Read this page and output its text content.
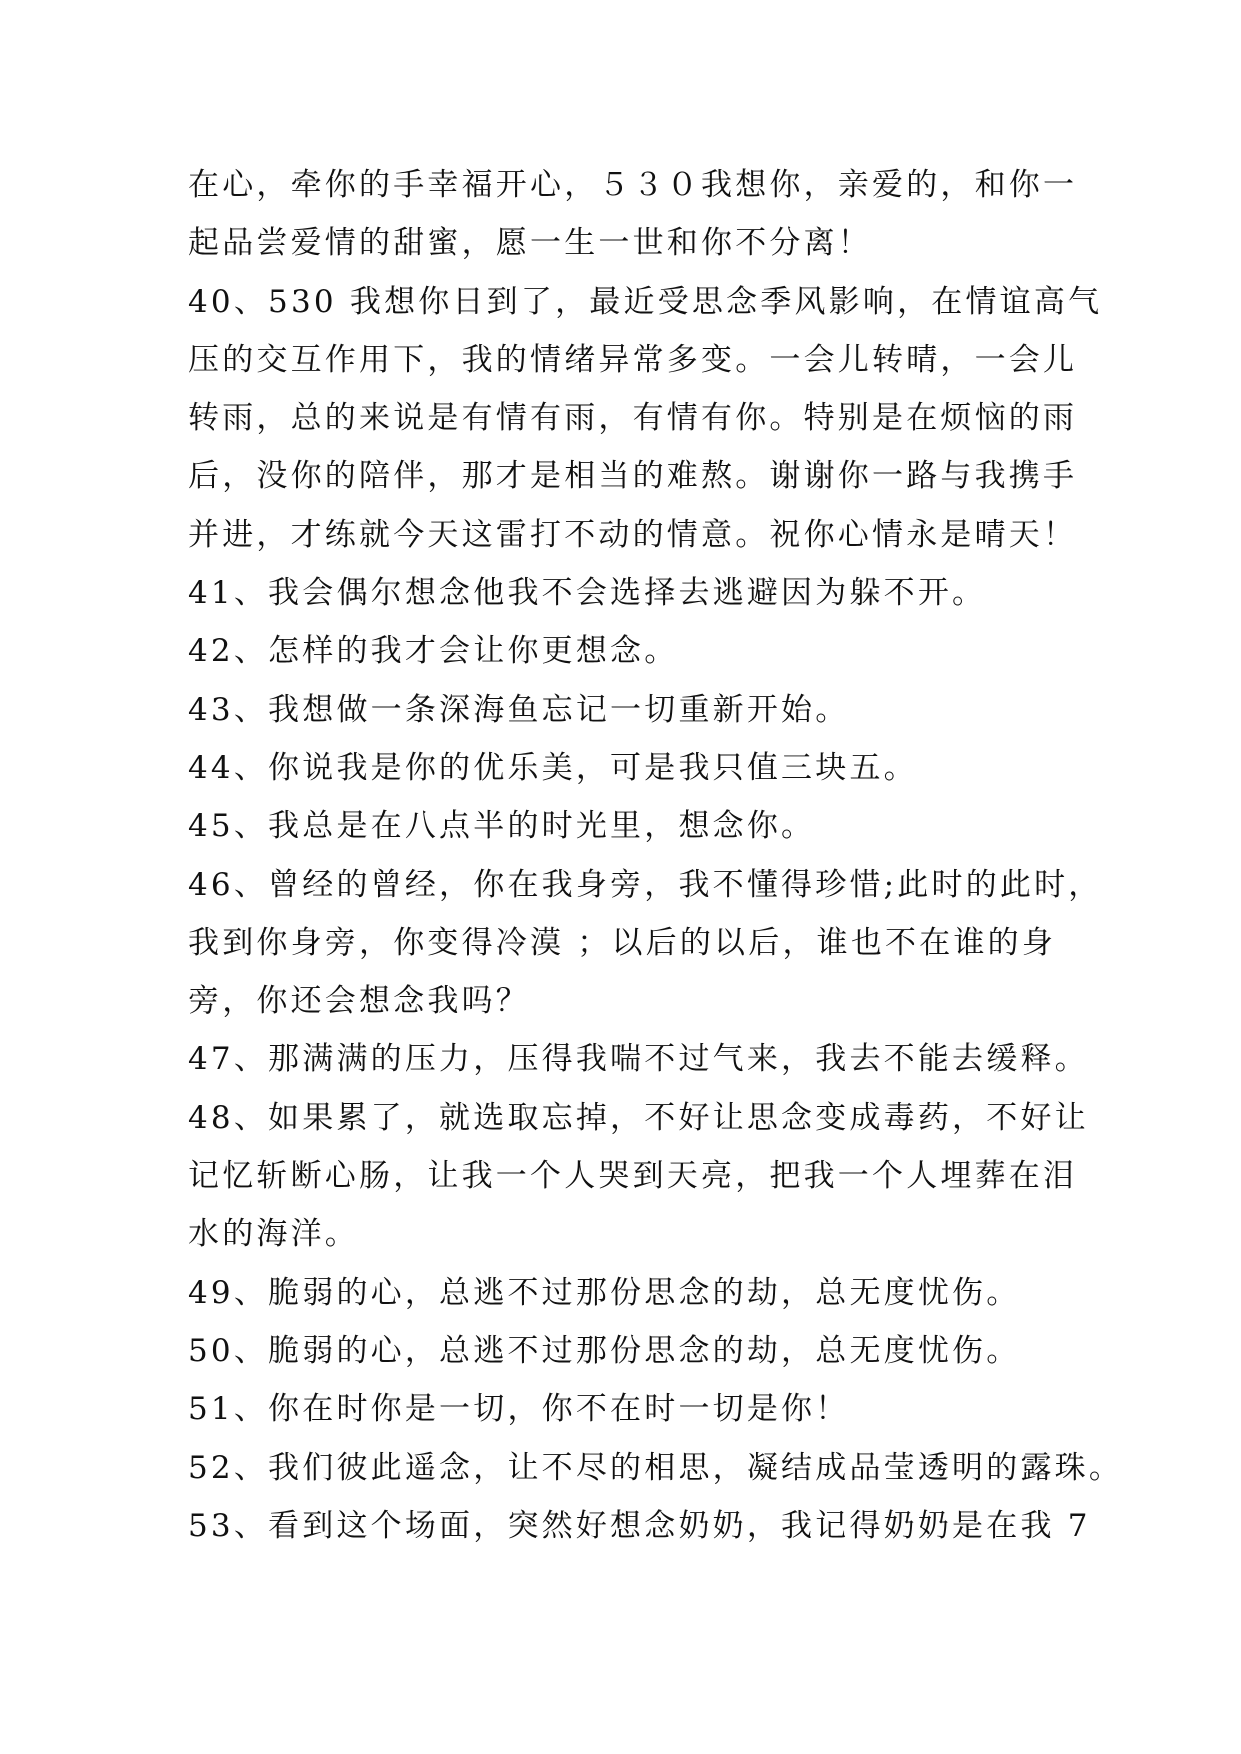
在心，牵你的手幸福开心，５３０我想你，亲爱的，和你一
起品尝爱情的甜蜜，愿一生一世和你不分离！
40、530 我想你日到了，最近受思念季风影响，在情谊高气
压的交互作用下，我的情绪异常多变。一会儿转晴，一会儿
转雨，总的来说是有情有雨，有情有你。特别是在烦恼的雨
后，没你的陪伴，那才是相当的难熬。谢谢你一路与我携手
并进，才练就今天这雷打不动的情意。祝你心情永是晴天！
41、我会偶尔想念他我不会选择去逃避因为躲不开。
42、怎样的我才会让你更想念。
43、我想做一条深海鱼忘记一切重新开始。
44、你说我是你的优乐美，可是我只值三块五。
45、我总是在八点半的时光里，想念你。
46、曾经的曾经，你在我身旁，我不懂得珍惜;此时的此时，
我到你身旁，你变得冷漠 ；以后的以后，谁也不在谁的身
旁，你还会想念我吗？
47、那满满的压力，压得我喘不过气来，我去不能去缓释。
48、如果累了，就选取忘掉，不好让思念变成毒药，不好让
记忆斩断心肠，让我一个人哭到天亮，把我一个人埋葬在泪
水的海洋。
49、脆弱的心，总逃不过那份思念的劫，总无度忧伤。
50、脆弱的心，总逃不过那份思念的劫，总无度忧伤。
51、你在时你是一切，你不在时一切是你！
52、我们彼此遥念，让不尽的相思，凝结成品莹透明的露珠。
53、看到这个场面，突然好想念奶奶，我记得奶奶是在我 7
